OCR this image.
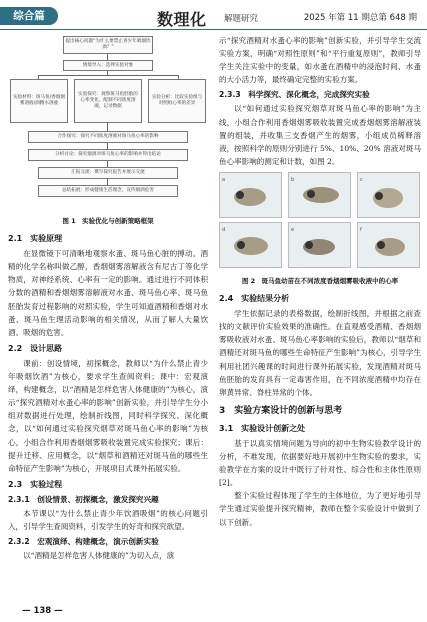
综合篇	数理化 解题研究	2025 年第 11 期总第 648 期
提出核心问题“为什么要禁止青少年吸烟饮酒？”
情境导入：选择实验对象
实验材料：斑马鱼/香烟烟雾溶液/酒精水溶液
实验探究：观察斑马鱼胚胎的心率变化，配制不同浓度溶液，记录数据
实验分析：比较实验组与对照组心率的差异
合作探究：探究不同浓度溶液对斑马鱼心率的影响
分析讨论：探究烟酒对斑马鱼心率的影响并得出结论
汇报交流：撰写探究报告并展示交流
总结拓展：形成健康生活理念，宣传烟酒危害
图 1　实验优化与创新策略框架
2.1　实验原理

在显微镜下可清晰地观察水蚤、斑马鱼心脏的搏动。酒精的化学名称叫做乙醇，香烟烟雾溶解液含有尼古丁等化学物质，对神经系统、心率有一定的影响。通过进行不同体积分数的酒精和香烟烟雾溶解液对水蚤、斑马鱼心率、斑马鱼胚胎发育过程影响的对照实验，学生可知道酒精和香烟对水蚤、斑马鱼生理活动影响的相关情况，从而了解人大量饮酒、吸烟的危害。

2.2　设计思路

课前：创设情境，初探概念，教师以“为什么禁止青少年吸烟饮酒”为核心，要求学生查阅资料；课中：宏观演绎，构建概念，以“酒精是怎样危害人体健康的”为核心，演示“探究酒精对水蚤心率的影响”创新实验，并引导学生分小组对数据进行处理，绘制折线图，同时科学探究、深化概念，以“如何通过实验探究烟草对斑马鱼心率的影响”为核心，小组合作利用香烟烟雾吸收装置完成实验探究；课后：提升迁移、应用概念，以“烟草和酒精还对斑马鱼的哪些生命特征产生影响”为核心，开展项目式课外拓展实验。

2.3　实验过程
2.3.1　创设情景、初探概念，激发探究兴趣

本节课以“为什么禁止青少年饮酒吸烟”的核心问题引入，引导学生查阅资料，引发学生的好奇和探究欲望。

2.3.2　宏观演绎、构建概念，演示创新实验

以“酒精是怎样危害人体健康的”为切入点，演

示“探究酒精对水蚤心率的影响”创新实验，并引导学生交流实验方案，明确“对照性原则”和“平行重复原则”，教师引导学生关注实验中的变量，如水蚤在酒精中的浸泡时间、水蚤的大小活力等，最终确定完整的实验方案。

2.3.3　科学探究、深化概念，完成探究实验

以“如何通过实验探究烟草对斑马鱼心率的影响”为主线，小组合作利用香烟烟雾吸收装置完成香烟烟雾溶解液装置的组装，并收集三支香烟产生的烟雾，小组成员稀释溶液，按照科学的原则分别进行 5%、10%、20% 溶液对斑马鱼心率影响的测定和计数，如图 2。

a	b	c
d	e	f
图 2　斑马鱼幼苗在不同浓度香烟烟雾吸收液中的心率
2.4　实验结果分析

学生依据记录的表格数据，绘制折线图，并根据之前查找的文献评价实验效果的准确性。在直观感受酒精、香烟烟雾吸收液对水蚤、斑马鱼心率影响的实验后，教师以“烟草和酒精还对斑马鱼的哪些生命特征产生影响”为核心，引导学生利用社团兴趣课的时间进行课外拓展实验，发现酒精对斑马鱼胚胎的发育具有一定毒害作用，在不同浓度酒精中均存在卵黄异常、脊柱异常的个体。

3　实验方案设计的创新与思考
3.1　实验设计创新之处

基于以真实情境问题为导向的初中生物实验教学设计的分析，不难发现，依据要好地开展初中生物实验的要求，实验教学在方案的设计中既行了针对性、综合性和主体性原则[2]。

整个实验过程体现了学生的主体地位，为了更好地引导学生通过实验提升探究精神，教师在整个实验设计中做到了以下创新。

— 138 —
